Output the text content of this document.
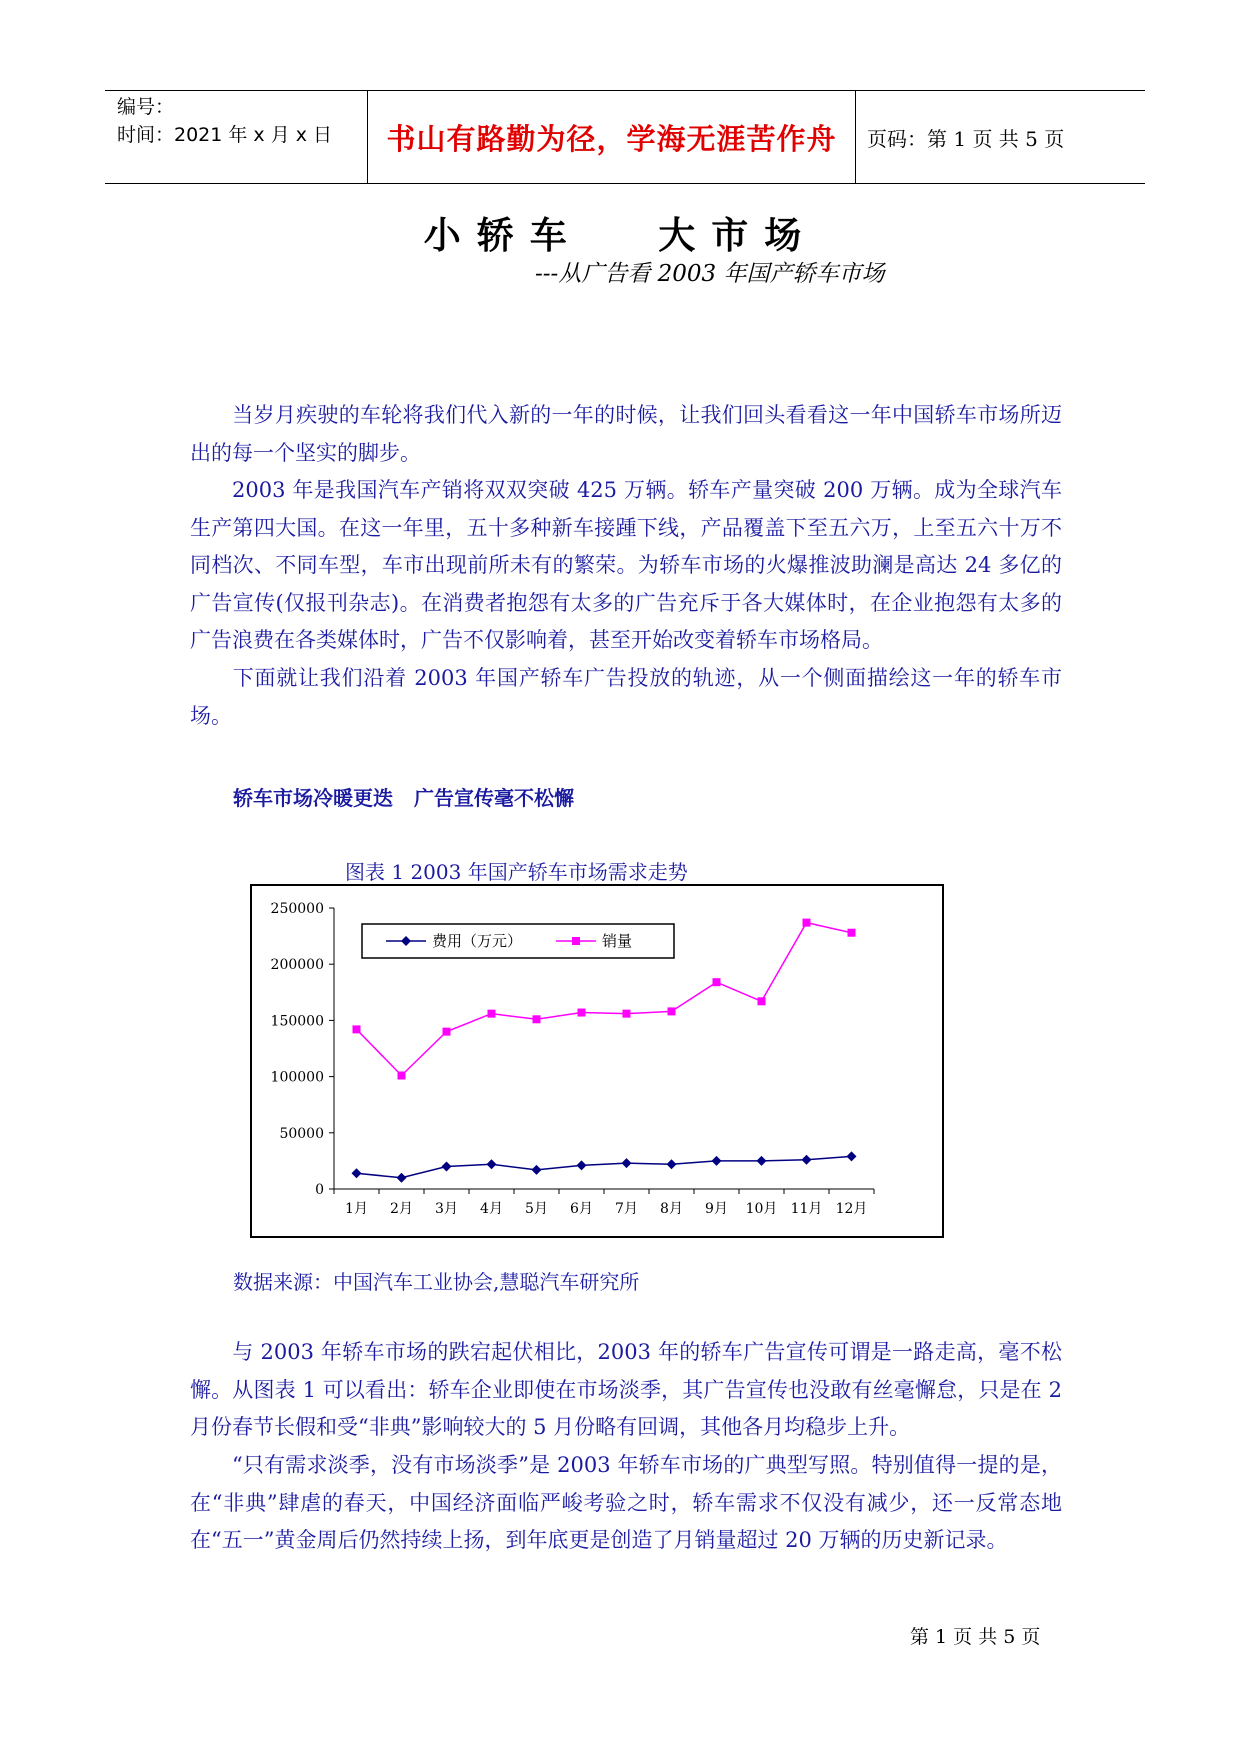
编号：
时间：2021 年 x 月 x 日 书山有路勤为径，学海无涯苦作舟 页码：第 1 页 共 5 页
小轿车 大市场
---从广告看 2003 年国产轿车市场

当岁月疾驶的车轮将我们代入新的一年的时候，让我们回头看看这一年中国轿车市场所迈出的每一个坚实的脚步。

2003 年是我国汽车产销将双双突破 425 万辆。轿车产量突破 200 万辆。成为全球汽车生产第四大国。在这一年里，五十多种新车接踵下线，产品覆盖下至五六万，上至五六十万不同档次、不同车型，车市出现前所未有的繁荣。为轿车市场的火爆推波助澜是高达 24 多亿的广告宣传(仅报刊杂志)。在消费者抱怨有太多的广告充斥于各大媒体时，在企业抱怨有太多的广告浪费在各类媒体时，广告不仅影响着，甚至开始改变着轿车市场格局。

下面就让我们沿着 2003 年国产轿车广告投放的轨迹，从一个侧面描绘这一年的轿车市场。

轿车市场冷暖更迭 广告宣传毫不松懈
图表 1 2003 年国产轿车市场需求走势
0
50000
100000
150000
200000
250000
1月 2月 3月 4月 5月 6月 7月 8月 9月 10月 11月 12月
费用（万元）	销量
数据来源：中国汽车工业协会,慧聪汽车研究所

与 2003 年轿车市场的跌宕起伏相比，2003 年的轿车广告宣传可谓是一路走高，毫不松懈。从图表 1 可以看出：轿车企业即使在市场淡季，其广告宣传也没敢有丝毫懈怠，只是在 2 月份春节长假和受“非典”影响较大的 5 月份略有回调，其他各月均稳步上升。

“只有需求淡季，没有市场淡季”是 2003 年轿车市场的广典型写照。特别值得一提的是，在“非典”肆虐的春天，中国经济面临严峻考验之时，轿车需求不仅没有减少，还一反常态地在“五一”黄金周后仍然持续上扬，到年底更是创造了月销量超过 20 万辆的历史新记录。

第 1 页 共 5 页
